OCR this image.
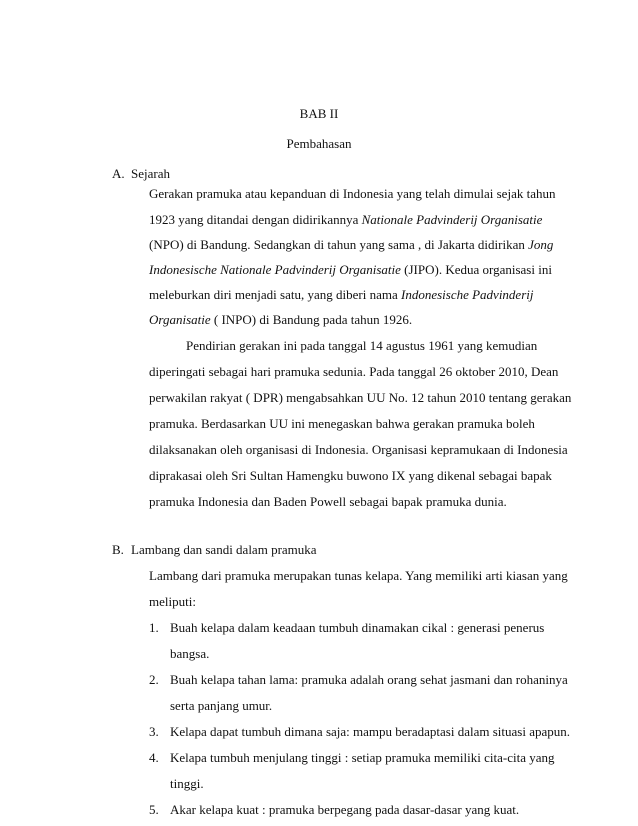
BAB II
Pembahasan
A. Sejarah
Gerakan pramuka atau kepanduan di Indonesia yang telah dimulai sejak tahun
1923 yang ditandai dengan didirikannya Nationale Padvinderij Organisatie
(NPO) di Bandung. Sedangkan di tahun yang sama , di Jakarta didirikan Jong
Indonesische Nationale Padvinderij Organisatie (JIPO). Kedua organisasi ini
meleburkan diri menjadi satu, yang diberi nama Indonesische Padvinderij
Organisatie ( INPO) di Bandung pada tahun 1926.
Pendirian gerakan ini pada tanggal 14 agustus 1961 yang kemudian
diperingati sebagai hari pramuka sedunia. Pada tanggal 26 oktober 2010, Dean
perwakilan rakyat ( DPR) mengabsahkan UU No. 12 tahun 2010 tentang gerakan
pramuka. Berdasarkan UU ini menegaskan bahwa gerakan pramuka boleh
dilaksanakan oleh organisasi di Indonesia. Organisasi kepramukaan di Indonesia
diprakasai oleh Sri Sultan Hamengku buwono IX yang dikenal sebagai bapak
pramuka Indonesia dan Baden Powell sebagai bapak pramuka dunia.
B. Lambang dan sandi dalam pramuka
Lambang dari pramuka merupakan tunas kelapa. Yang memiliki arti kiasan yang
meliputi:
1. Buah kelapa dalam keadaan tumbuh dinamakan cikal : generasi penerus
bangsa.
2. Buah kelapa tahan lama: pramuka adalah orang sehat jasmani dan rohaninya
serta panjang umur.
3. Kelapa dapat tumbuh dimana saja: mampu beradaptasi dalam situasi apapun.
4. Kelapa tumbuh menjulang tinggi : setiap pramuka memiliki cita-cita yang
tinggi.
5. Akar kelapa kuat : pramuka berpegang pada dasar-dasar yang kuat.
